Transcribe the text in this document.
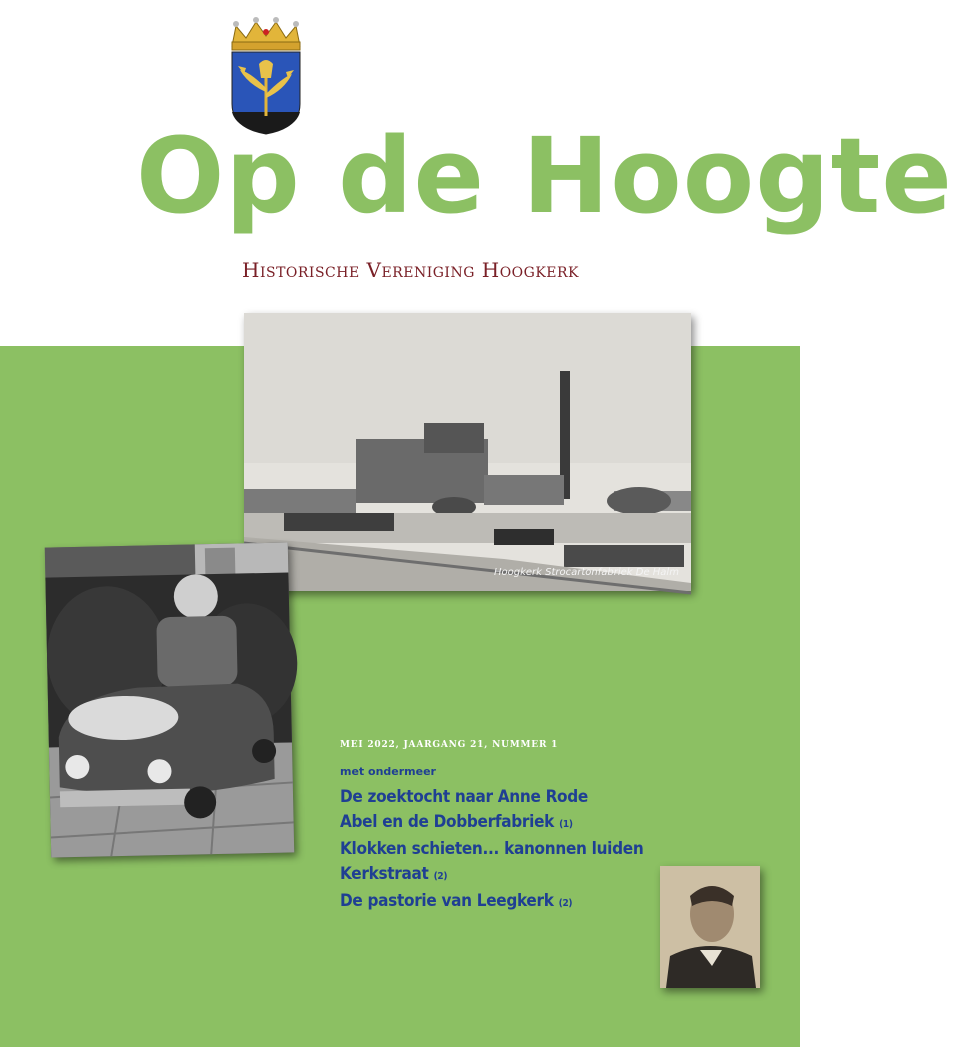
Op de Hoogte
Historische Vereniging Hoogkerk
Hoogkerk Strocartonfabriek De Halm
MEI 2022, JAARGANG 21, NUMMER 1
met ondermeer
De zoektocht naar Anne Rode
Abel en de Dobberfabriek (1)
Klokken schieten... kanonnen luiden
Kerkstraat (2)
De pastorie van Leegkerk (2)
